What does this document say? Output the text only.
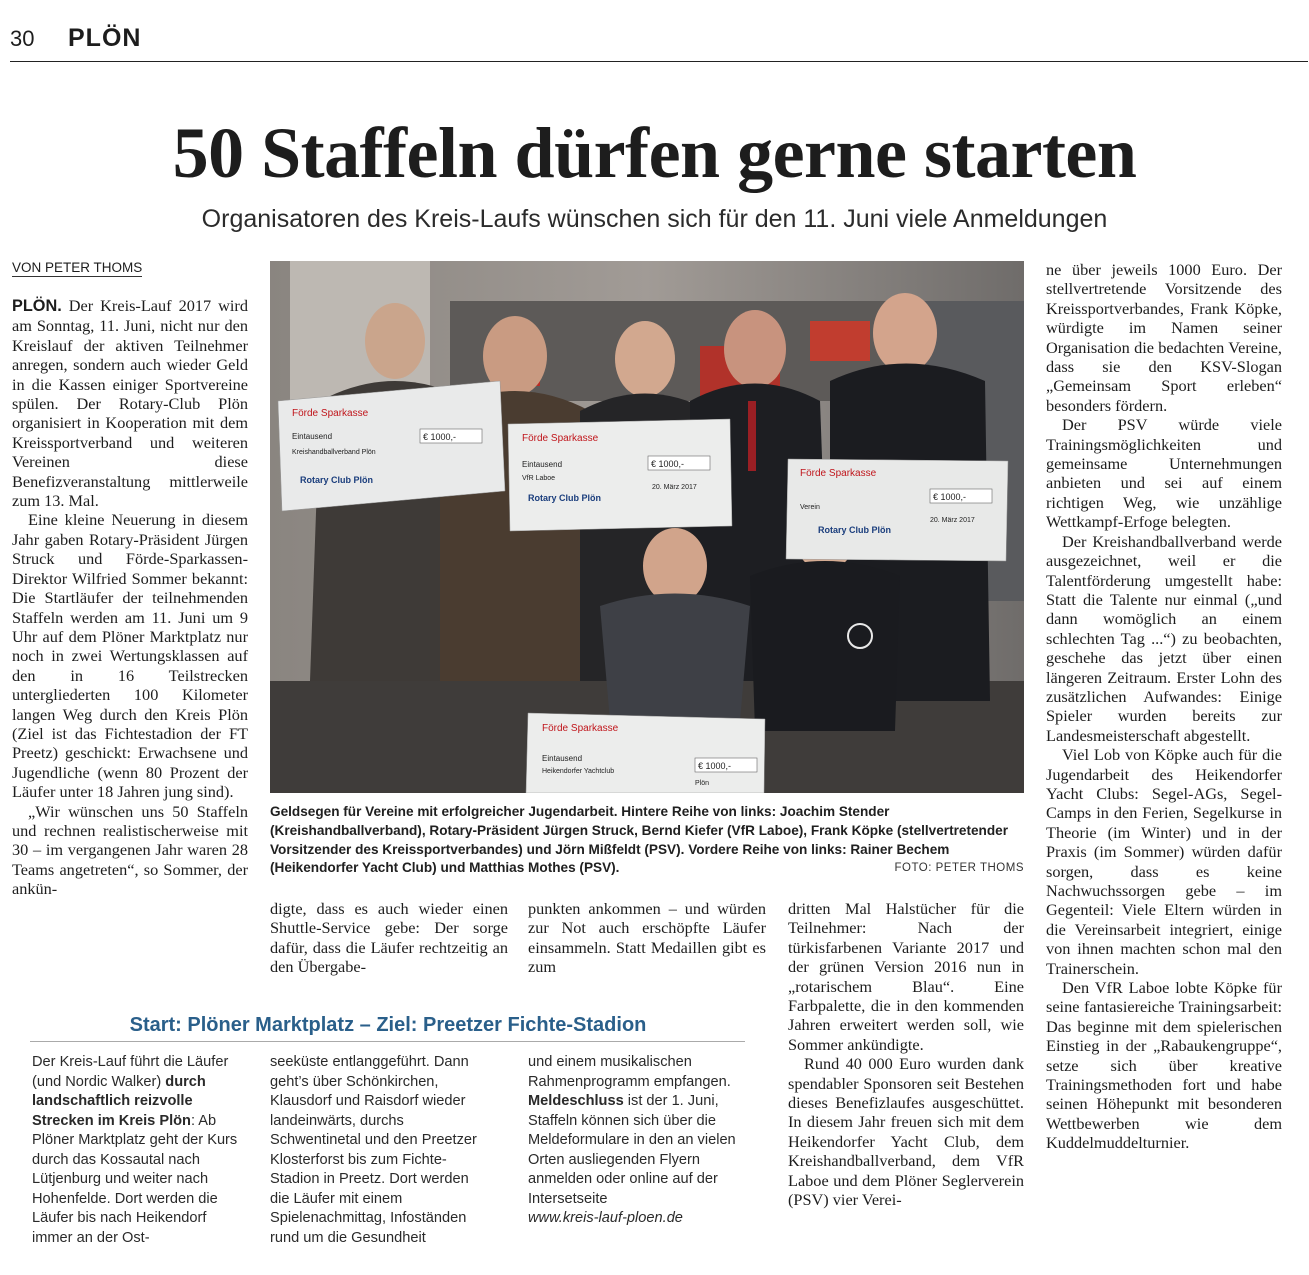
30 PLÖN
50 Staffeln dürfen gerne starten
Organisatoren des Kreis-Laufs wünschen sich für den 11. Juni viele Anmeldungen
VON PETER THOMS

PLÖN. Der Kreis-Lauf 2017 wird am Sonntag, 11. Juni, nicht nur den Kreislauf der aktiven Teilnehmer anregen, sondern auch wieder Geld in die Kassen einiger Sportvereine spülen. Der Rotary-Club Plön organisiert in Kooperation mit dem Kreissportverband und weiteren Vereinen diese Benefizveranstaltung mittlerweile zum 13. Mal.

Eine kleine Neuerung in diesem Jahr gaben Rotary-Präsident Jürgen Struck und Förde-Sparkassen-Direktor Wilfried Sommer bekannt: Die Startläufer der teilnehmenden Staffeln werden am 11. Juni um 9 Uhr auf dem Plöner Marktplatz nur noch in zwei Wertungsklassen auf den in 16 Teilstrecken untergliederten 100 Kilometer langen Weg durch den Kreis Plön (Ziel ist das Fichtestadion der FT Preetz) geschickt: Erwachsene und Jugendliche (wenn 80 Prozent der Läufer unter 18 Jahren jung sind).

„Wir wünschen uns 50 Staffeln und rechnen realistischerweise mit 30 – im vergangenen Jahr waren 28 Teams angetreten“, so Sommer, der ankün-

Förde Sparkasse
Eintausend
Kreishandballverband Plön
€ 1000,-
Rotary Club Plön
Förde Sparkasse
Eintausend
VfR Laboe
€ 1000,-
20. März 2017
Rotary Club Plön
Förde Sparkasse
Verein
€ 1000,-
20. März 2017
Rotary Club Plön
Förde Sparkasse
Eintausend
Heikendorfer Yachtclub
€ 1000,-
Plön
Geldsegen für Vereine mit erfolgreicher Jugendarbeit. Hintere Reihe von links: Joachim Stender (Kreishandballverband), Rotary-Präsident Jürgen Struck, Bernd Kiefer (VfR Laboe), Frank Köpke (stellvertretender Vorsitzender des Kreissportverbandes) und Jörn Mißfeldt (PSV). Vordere Reihe von links: Rainer Bechem (Heikendorfer Yacht Club) und Matthias Mothes (PSV).	FOTO: PETER THOMS

digte, dass es auch wieder einen Shuttle-Service gebe: Der sorge dafür, dass die Läufer rechtzeitig an den Übergabe-

punkten ankommen – und würden zur Not auch erschöpfte Läufer einsammeln. Statt Medaillen gibt es zum

dritten Mal Halstücher für die Teilnehmer: Nach der türkisfarbenen Variante 2017 und der grünen Version 2016 nun in „rotarischem Blau“. Eine Farbpalette, die in den kommenden Jahren erweitert werden soll, wie Sommer ankündigte.

Rund 40 000 Euro wurden dank spendabler Sponsoren seit Bestehen dieses Benefizlaufes ausgeschüttet. In diesem Jahr freuen sich mit dem Heikendorfer Yacht Club, dem Kreishandballverband, dem VfR Laboe und dem Plöner Seglerverein (PSV) vier Verei-

ne über jeweils 1000 Euro. Der stellvertretende Vorsitzende des Kreissportverbandes, Frank Köpke, würdigte im Namen seiner Organisation die bedachten Vereine, dass sie den KSV-Slogan „Gemeinsam Sport erleben“ besonders fördern.

Der PSV würde viele Trainingsmöglichkeiten und gemeinsame Unternehmungen anbieten und sei auf einem richtigen Weg, wie unzählige Wettkampf-Erfoge belegten.

Der Kreishandballverband werde ausgezeichnet, weil er die Talentförderung umgestellt habe: Statt die Talente nur einmal („und dann womöglich an einem schlechten Tag ...“) zu beobachten, geschehe das jetzt über einen längeren Zeitraum. Erster Lohn des zusätzlichen Aufwandes: Einige Spieler wurden bereits zur Landesmeisterschaft abgestellt.

Viel Lob von Köpke auch für die Jugendarbeit des Heikendorfer Yacht Clubs: Segel-AGs, Segel-Camps in den Ferien, Segelkurse in Theorie (im Winter) und in der Praxis (im Sommer) würden dafür sorgen, dass es keine Nachwuchssorgen gebe – im Gegenteil: Viele Eltern würden in die Vereinsarbeit integriert, einige von ihnen machten schon mal den Trainerschein.

Den VfR Laboe lobte Köpke für seine fantasiereiche Trainingsarbeit: Das beginne mit dem spielerischen Einstieg in der „Rabaukengruppe“, setze sich über kreative Trainingsmethoden fort und habe seinen Höhepunkt mit besonderen Wettbewerben wie dem Kuddelmuddelturnier.

Start: Plöner Marktplatz – Ziel: Preetzer Fichte-Stadion
Der Kreis-Lauf führt die Läufer (und Nordic Walker) durch landschaftlich reizvolle Strecken im Kreis Plön: Ab Plöner Marktplatz geht der Kurs durch das Kossautal nach Lütjenburg und weiter nach Hohenfelde. Dort werden die Läufer bis nach Heikendorf immer an der Ost-
seeküste entlanggeführt. Dann geht’s über Schönkirchen, Klausdorf und Raisdorf wieder landeinwärts, durchs Schwentinetal und den Preetzer Klosterforst bis zum Fichte-Stadion in Preetz. Dort werden die Läufer mit einem Spielenachmittag, Infoständen rund um die Gesundheit
und einem musikalischen Rahmenprogramm empfangen.
Meldeschluss ist der 1. Juni, Staffeln können sich über die Meldeformulare in den an vielen Orten ausliegenden Flyern anmelden oder online auf der Intersetseite
www.kreis-lauf-ploen.de
